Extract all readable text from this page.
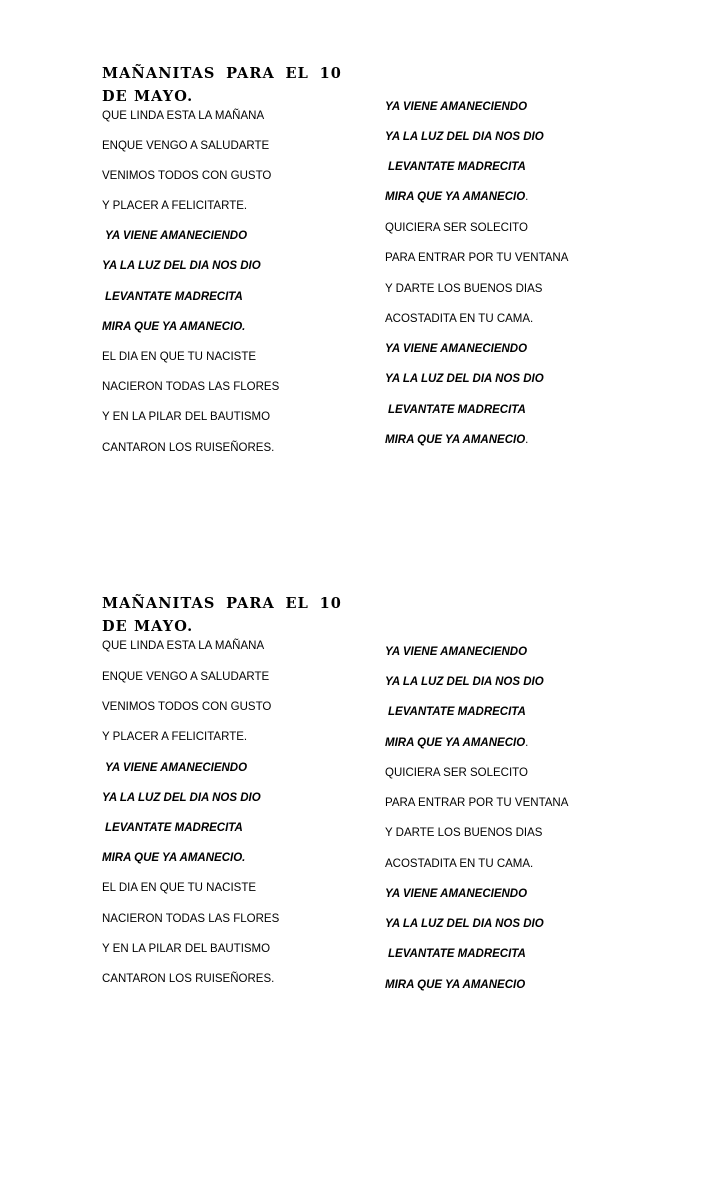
MAÑANITAS PARA EL 10 DE MAYO.
QUE LINDA ESTA LA MAÑANA
ENQUE VENGO A SALUDARTE
VENIMOS TODOS CON GUSTO
Y PLACER A FELICITARTE.
YA VIENE AMANECIENDO
YA LA LUZ DEL DIA NOS DIO
LEVANTATE MADRECITA
MIRA QUE YA AMANECIO.
EL DIA EN QUE TU NACISTE
NACIERON TODAS LAS FLORES
Y EN LA PILAR DEL BAUTISMO
CANTARON LOS RUISEÑORES.
YA VIENE AMANECIENDO
YA LA LUZ DEL DIA NOS DIO
LEVANTATE MADRECITA
MIRA QUE YA AMANECIO.
QUICIERA SER SOLECITO
PARA ENTRAR POR TU VENTANA
Y DARTE LOS BUENOS DIAS
ACOSTADITA EN TU CAMA.
YA VIENE AMANECIENDO
YA LA LUZ DEL DIA NOS DIO
LEVANTATE MADRECITA
MIRA QUE YA AMANECIO.
MAÑANITAS PARA EL 10 DE MAYO.
QUE LINDA ESTA LA MAÑANA
ENQUE VENGO A SALUDARTE
VENIMOS TODOS CON GUSTO
Y PLACER A FELICITARTE.
YA VIENE AMANECIENDO
YA LA LUZ DEL DIA NOS DIO
LEVANTATE MADRECITA
MIRA QUE YA AMANECIO.
EL DIA EN QUE TU NACISTE
NACIERON TODAS LAS FLORES
Y EN LA PILAR DEL BAUTISMO
CANTARON LOS RUISEÑORES.
YA VIENE AMANECIENDO
YA LA LUZ DEL DIA NOS DIO
LEVANTATE MADRECITA
MIRA QUE YA AMANECIO.
QUICIERA SER SOLECITO
PARA ENTRAR POR TU VENTANA
Y DARTE LOS BUENOS DIAS
ACOSTADITA EN TU CAMA.
YA VIENE AMANECIENDO
YA LA LUZ DEL DIA NOS DIO
LEVANTATE MADRECITA
MIRA QUE YA AMANECIO
